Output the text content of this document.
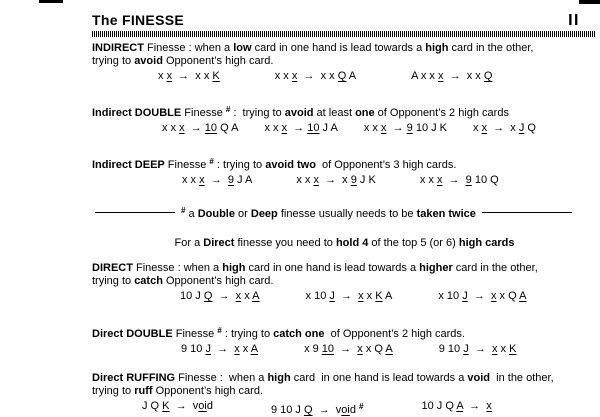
The FINESSE	II

INDIRECT Finesse : when a low card in one hand is lead towards a high card in the other,

trying to avoid Opponent’s high card.

x x  →  x x K	x x x  →  x x Q A	A x x x  →  x x Q

Indirect DOUBLE Finesse # :  trying to avoid at least one of Opponent’s 2 high cards

x x x  → 10 Q A x x x  → 10 J A x x x  → 9 10 J K x x  →  x J Q

Indirect DEEP Finesse # : trying to avoid two  of Opponent’s 3 high cards.

x x x  →  9 J A	x x x  →  x 9 J K	x x x  →  9 10 Q
# a Double or Deep finesse usually needs to be taken twice

For a Direct finesse you need to hold 4 of the top 5 (or 6) high cards

DIRECT Finesse : when a high card in one hand is lead towards a higher card in the other,

trying to catch Opponent’s high card.

10 J Q  →  x x A	x 10 J  →  x x K A	x 10 J  →  x x Q A

Direct DOUBLE Finesse # : trying to catch one  of Opponent’s 2 high cards.

9 10 J  →  x x A	x 9 10  →  x x Q A	9 10 J  →  x x K

Direct RUFFING Finesse :  when a high card  in one hand is lead towards a void  in the other,

trying to ruff Opponent’s high card.

J Q K  →  void	9 10 J Q  →  void #	10 J Q A  →  x
